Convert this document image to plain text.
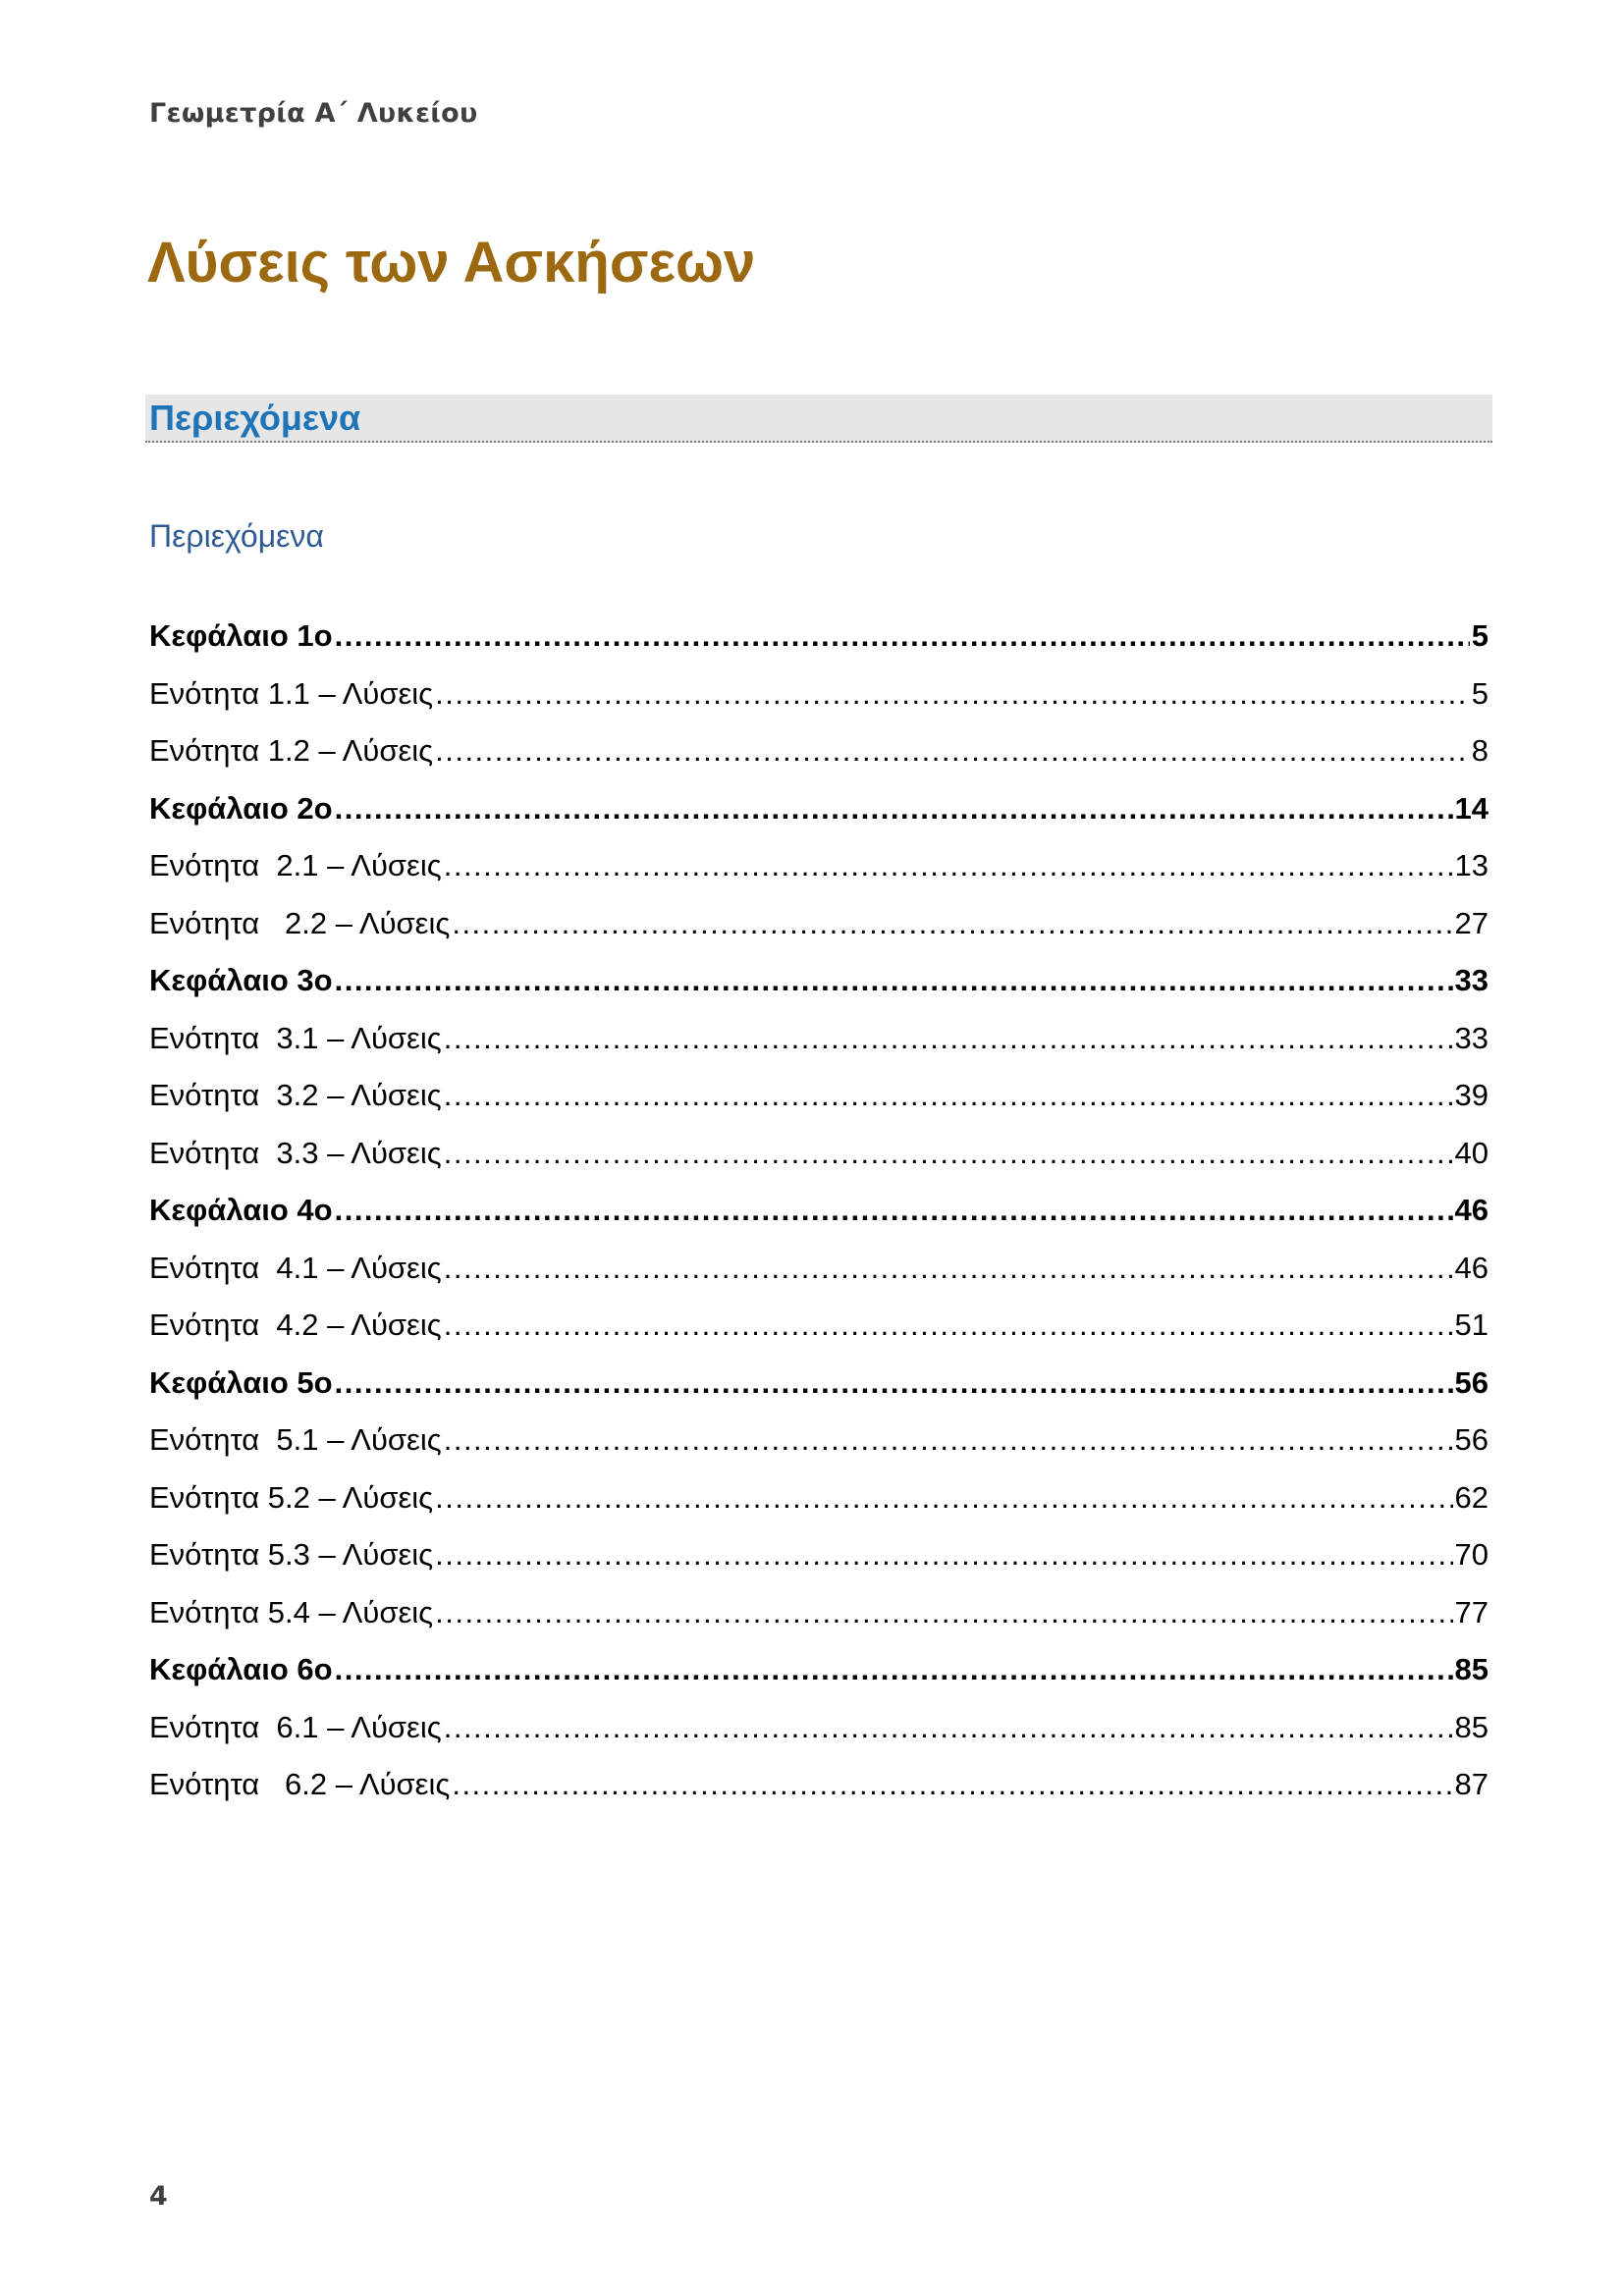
Γεωμετρία Α΄ Λυκείου
Λύσεις των Ασκήσεων
Περιεχόμενα
Περιεχόμενα
Κεφάλαιο 1ο .....	5
Ενότητα 1.1 – Λύσεις .....	5
Ενότητα 1.2 – Λύσεις .....	8
Κεφάλαιο 2ο .....	14
Ενότητα  2.1 – Λύσεις .....	13
Ενότητα   2.2 – Λύσεις .....	27
Κεφάλαιο 3ο .....	33
Ενότητα  3.1 – Λύσεις .....	33
Ενότητα  3.2 – Λύσεις .....	39
Ενότητα  3.3 – Λύσεις .....	40
Κεφάλαιο 4ο .....	46
Ενότητα  4.1 – Λύσεις .....	46
Ενότητα  4.2 – Λύσεις .....	51
Κεφάλαιο 5ο .....	56
Ενότητα  5.1 – Λύσεις .....	56
Ενότητα 5.2 – Λύσεις .....	62
Ενότητα 5.3 – Λύσεις .....	70
Ενότητα 5.4 – Λύσεις .....	77
Κεφάλαιο 6ο .....	85
Ενότητα  6.1 – Λύσεις .....	85
Ενότητα   6.2 – Λύσεις .....	87
4
